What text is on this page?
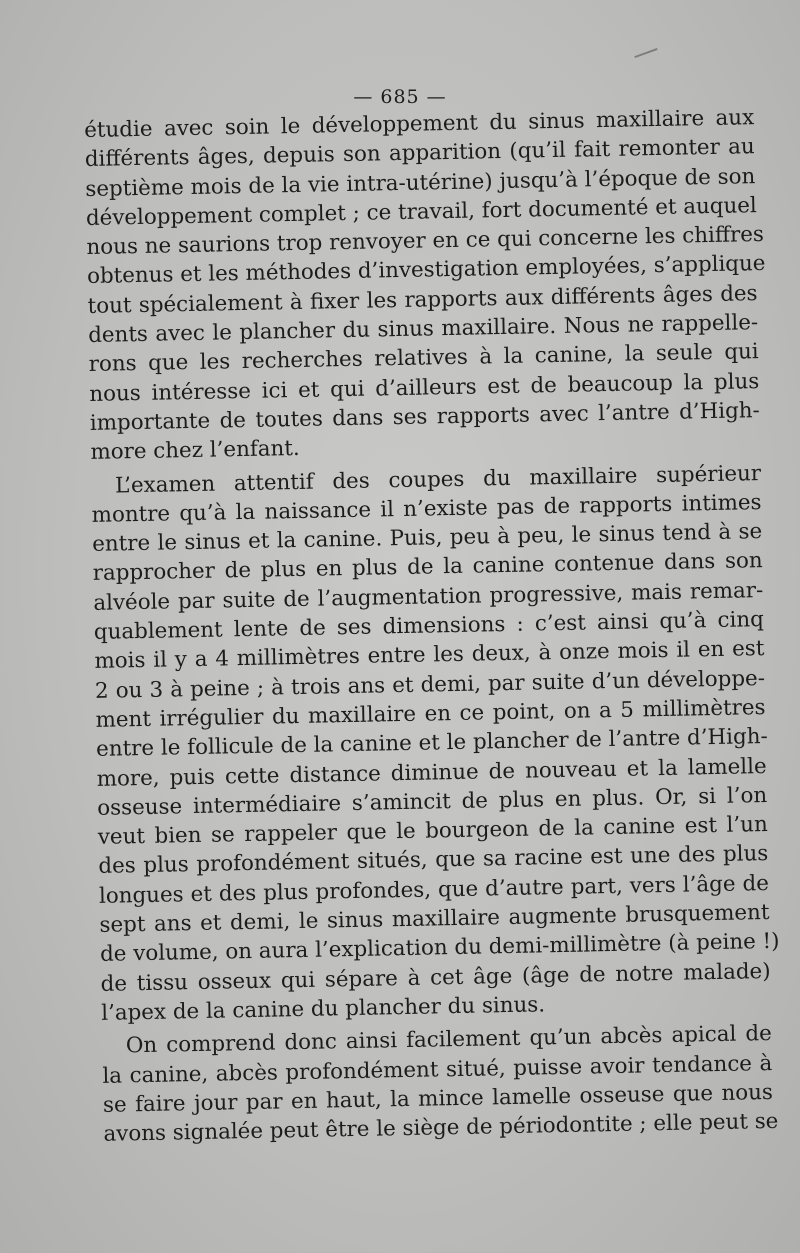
— 685 —
étudie avec soin le développement du sinus maxillaire aux
différents âges, depuis son apparition (qu’il fait remonter au
septième mois de la vie intra-utérine) jusqu’à l’époque de son
développement complet ; ce travail, fort documenté et auquel
nous ne saurions trop renvoyer en ce qui concerne les chiffres
obtenus et les méthodes d’investigation employées, s’applique
tout spécialement à fixer les rapports aux différents âges des
dents avec le plancher du sinus maxillaire. Nous ne rappelle-
rons que les recherches relatives à la canine, la seule qui
nous intéresse ici et qui d’ailleurs est de beaucoup la plus
importante de toutes dans ses rapports avec l’antre d’High-
more chez l’enfant.
L’examen attentif des coupes du maxillaire supérieur
montre qu’à la naissance il n’existe pas de rapports intimes
entre le sinus et la canine. Puis, peu à peu, le sinus tend à se
rapprocher de plus en plus de la canine contenue dans son
alvéole par suite de l’augmentation progressive, mais remar-
quablement lente de ses dimensions : c’est ainsi qu’à cinq
mois il y a 4 millimètres entre les deux, à onze mois il en est
2 ou 3 à peine ; à trois ans et demi, par suite d’un développe-
ment irrégulier du maxillaire en ce point, on a 5 millimètres
entre le follicule de la canine et le plancher de l’antre d’High-
more, puis cette distance diminue de nouveau et la lamelle
osseuse intermédiaire s’amincit de plus en plus. Or, si l’on
veut bien se rappeler que le bourgeon de la canine est l’un
des plus profondément situés, que sa racine est une des plus
longues et des plus profondes, que d’autre part, vers l’âge de
sept ans et demi, le sinus maxillaire augmente brusquement
de volume, on aura l’explication du demi-millimètre (à peine !)
de tissu osseux qui sépare à cet âge (âge de notre malade)
l’apex de la canine du plancher du sinus.
On comprend donc ainsi facilement qu’un abcès apical de
la canine, abcès profondément situé, puisse avoir tendance à
se faire jour par en haut, la mince lamelle osseuse que nous
avons signalée peut être le siège de périodontite ; elle peut se
